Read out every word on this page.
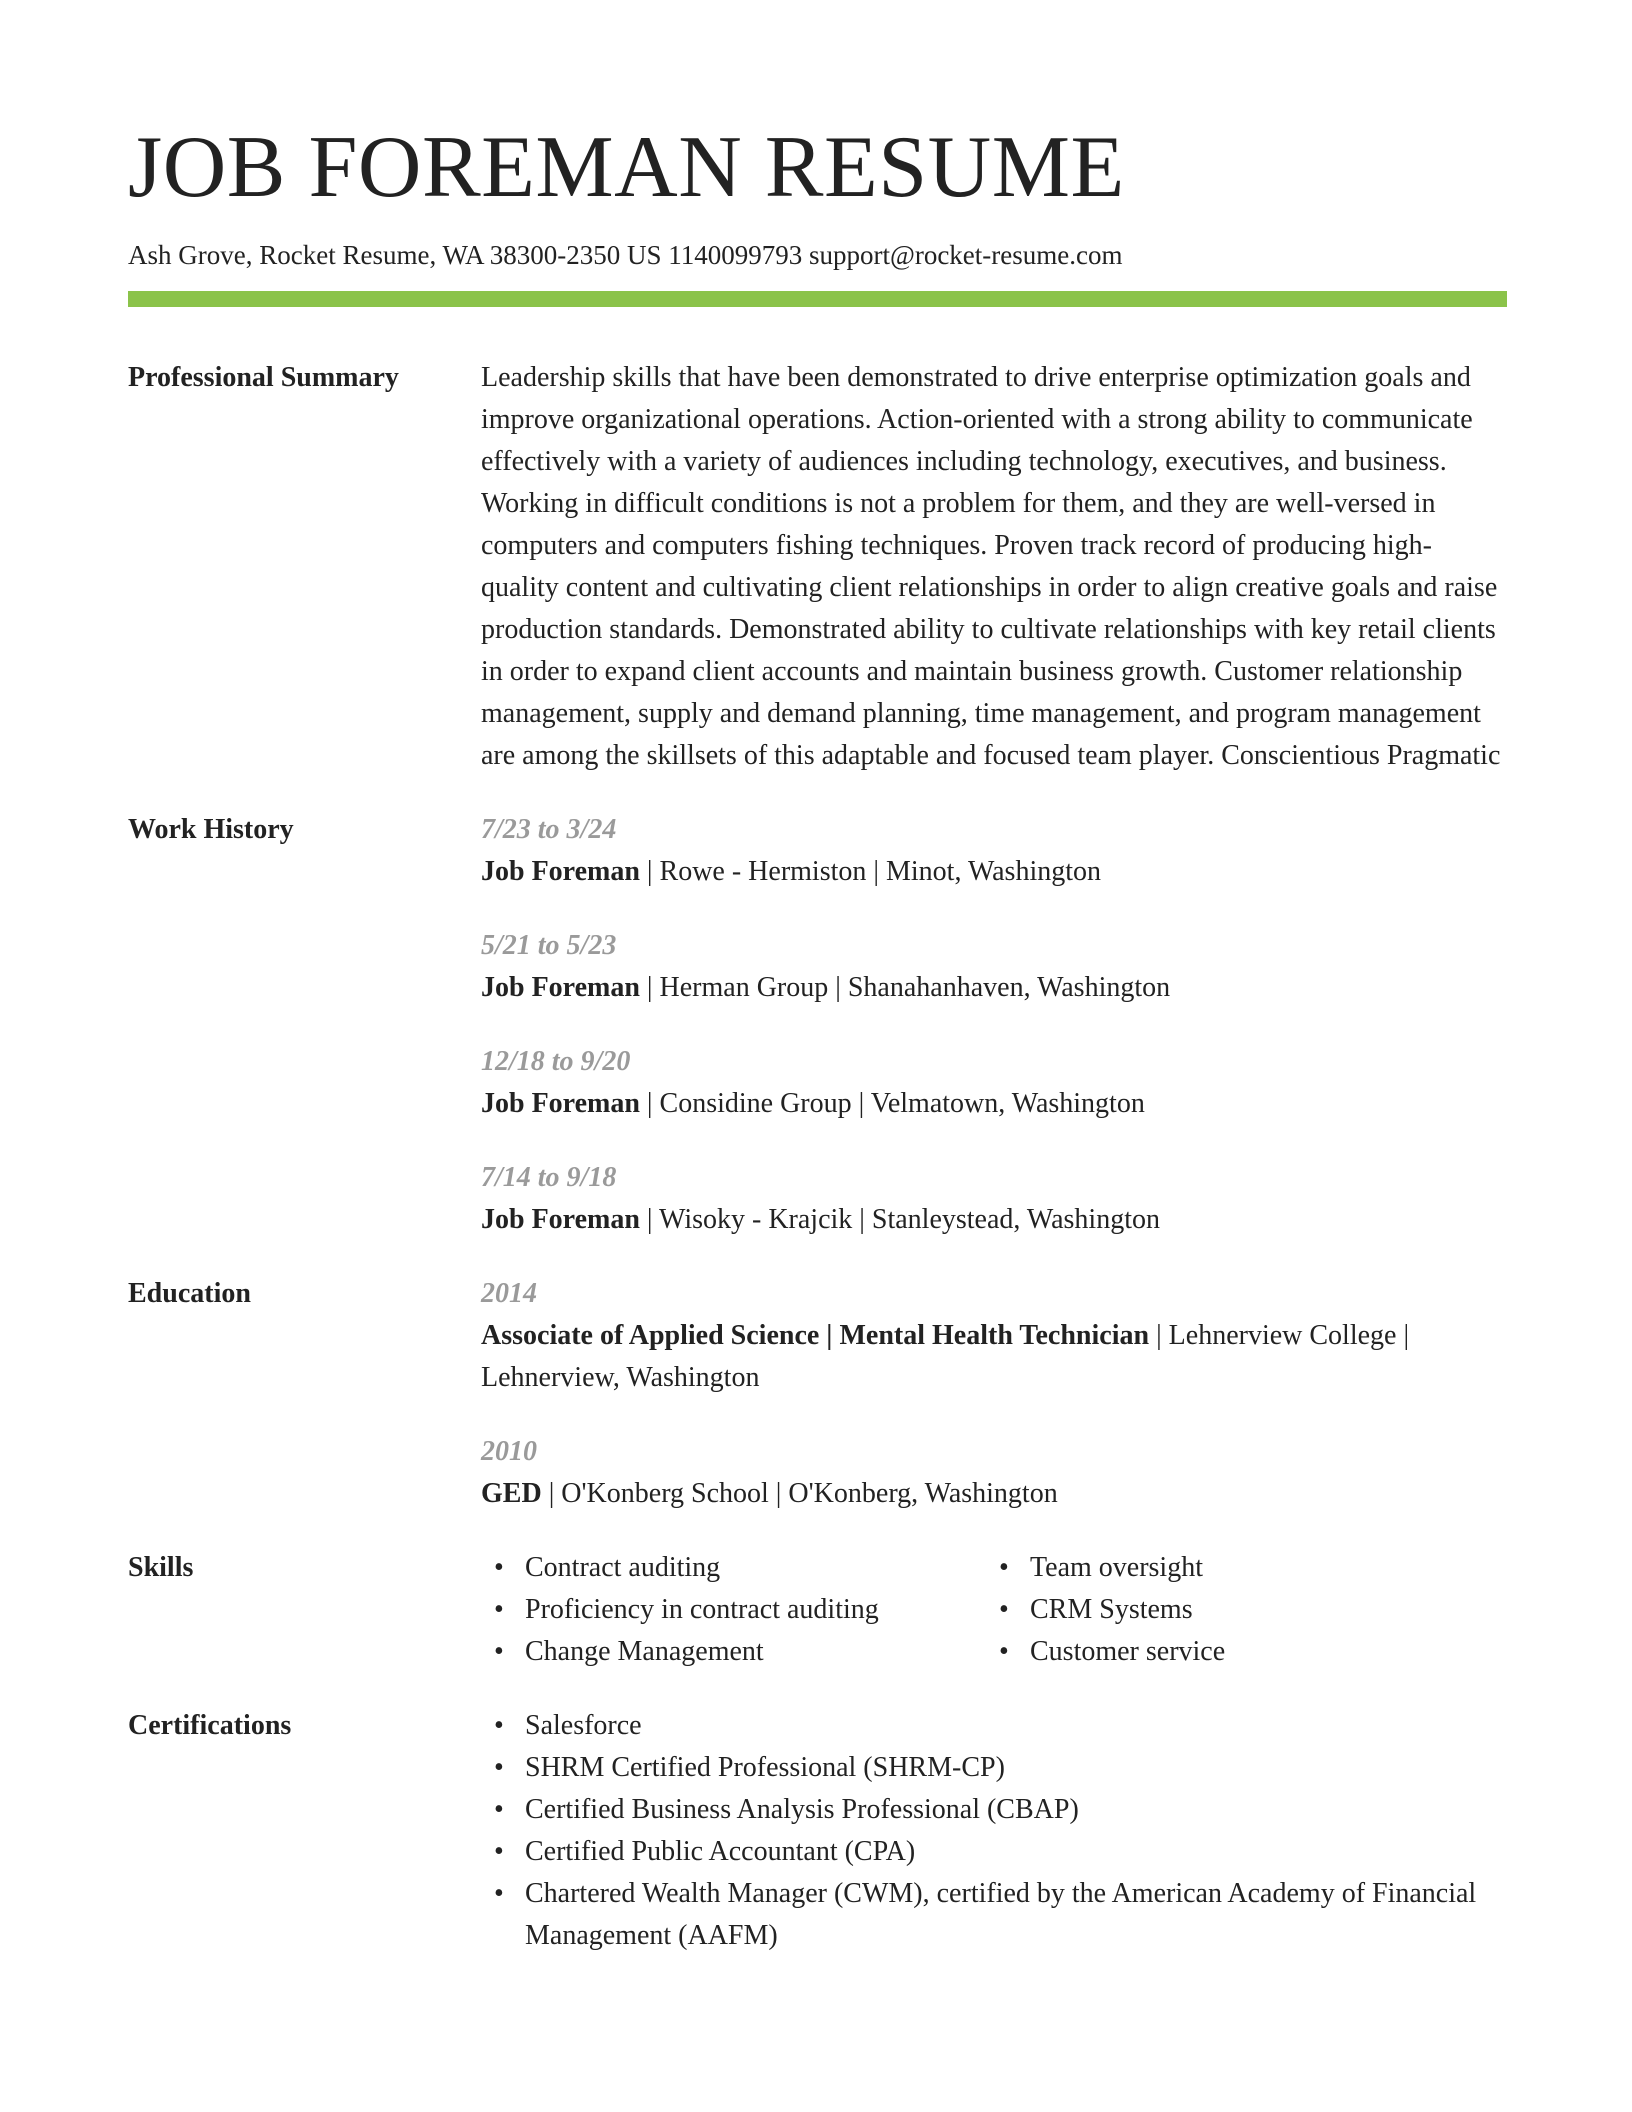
JOB FOREMAN RESUME
Ash Grove, Rocket Resume, WA 38300-2350 US 1140099793 support@rocket-resume.com
Professional Summary	Leadership skills that have been demonstrated to drive enterprise optimization goals and improve organizational operations. Action-oriented with a strong ability to communicate effectively with a variety of audiences including technology, executives, and business. Working in difficult conditions is not a problem for them, and they are well-versed in computers and computers fishing techniques. Proven track record of producing high-quality content and cultivating client relationships in order to align creative goals and raise production standards. Demonstrated ability to cultivate relationships with key retail clients in order to expand client accounts and maintain business growth. Customer relationship management, supply and demand planning, time management, and program management are among the skillsets of this adaptable and focused team player. Conscientious Pragmatic
Work History	7/23 to 3/24
Job Foreman | Rowe - Hermiston | Minot, Washington
5/21 to 5/23
Job Foreman | Herman Group | Shanahanhaven, Washington
12/18 to 9/20
Job Foreman | Considine Group | Velmatown, Washington
7/14 to 9/18
Job Foreman | Wisoky - Krajcik | Stanleystead, Washington
Education	2014
Associate of Applied Science | Mental Health Technician | Lehnerview College | Lehnerview, Washington
2010
GED | O'Konberg School | O'Konberg, Washington
Skills	• Contract auditing
• Proficiency in contract auditing
• Change Management
• Team oversight
• CRM Systems
• Customer service
Certifications	• Salesforce
• SHRM Certified Professional (SHRM-CP)
• Certified Business Analysis Professional (CBAP)
• Certified Public Accountant (CPA)
• Chartered Wealth Manager (CWM), certified by the American Academy of Financial Management (AAFM)
